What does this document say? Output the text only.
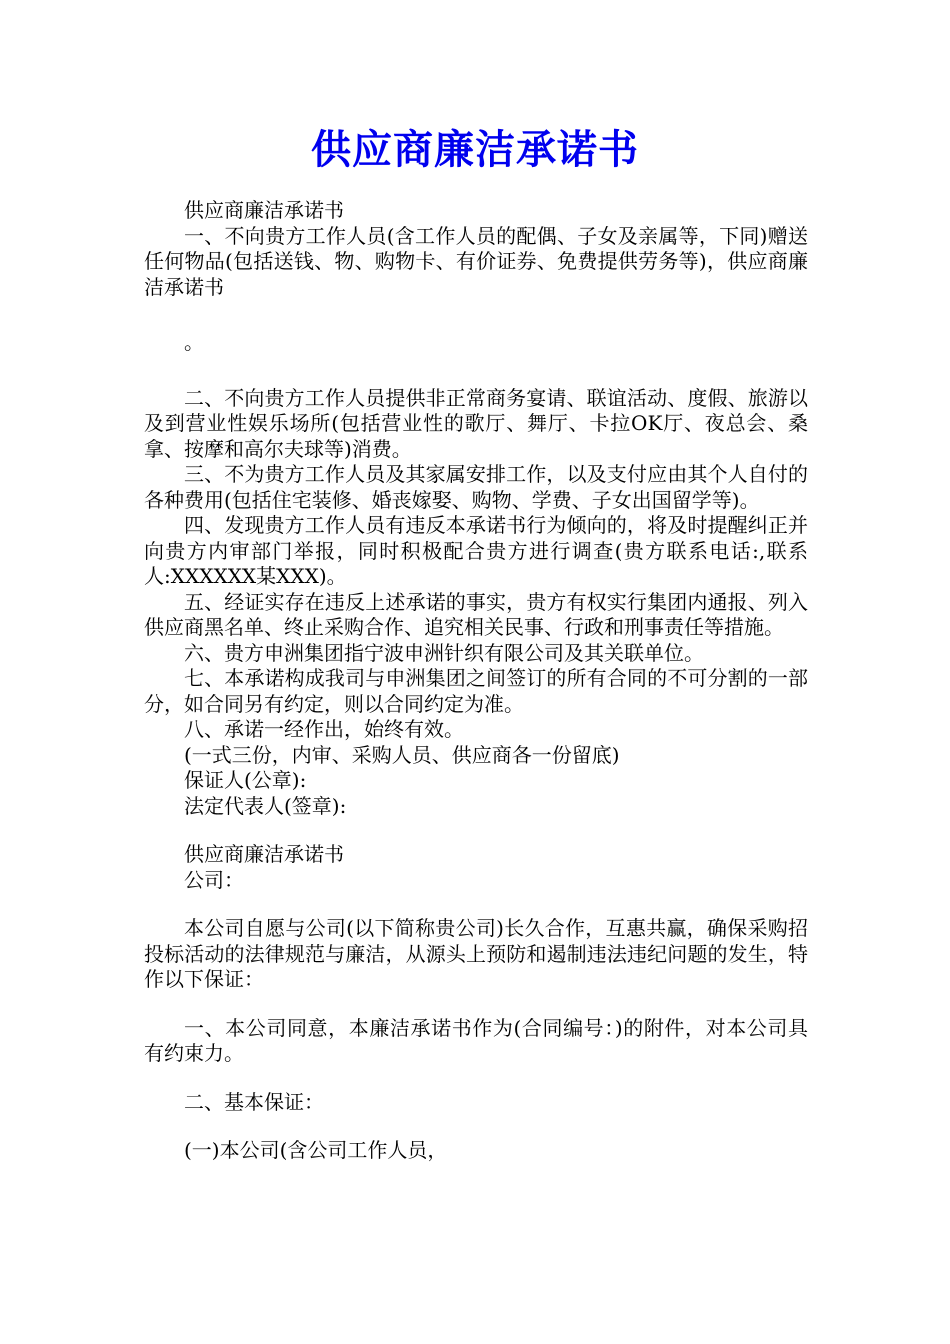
供应商廉洁承诺书

供应商廉洁承诺书

一、不向贵方工作人员(含工作人员的配偶、子女及亲属等，下同)赠送任何物品(包括送钱、物、购物卡、有价证券、免费提供劳务等)，供应商廉洁承诺书

。

二、不向贵方工作人员提供非正常商务宴请、联谊活动、度假、旅游以及到营业性娱乐场所(包括营业性的歌厅、舞厅、卡拉OK厅、夜总会、桑拿、按摩和高尔夫球等)消费。

三、不为贵方工作人员及其家属安排工作，以及支付应由其个人自付的各种费用(包括住宅装修、婚丧嫁娶、购物、学费、子女出国留学等)。

四、发现贵方工作人员有违反本承诺书行为倾向的，将及时提醒纠正并向贵方内审部门举报，同时积极配合贵方进行调查(贵方联系电话:,联系人:XXXXXX某XXX)。

五、经证实存在违反上述承诺的事实，贵方有权实行集团内通报、列入供应商黑名单、终止采购合作、追究相关民事、行政和刑事责任等措施。

六、贵方申洲集团指宁波申洲针织有限公司及其关联单位。

七、本承诺构成我司与申洲集团之间签订的所有合同的不可分割的一部分，如合同另有约定，则以合同约定为准。

八、承诺一经作出，始终有效。

(一式三份，内审、采购人员、供应商各一份留底)

保证人(公章):

法定代表人(签章):

供应商廉洁承诺书

公司：

本公司自愿与公司(以下简称贵公司)长久合作，互惠共赢，确保采购招投标活动的法律规范与廉洁，从源头上预防和遏制违法违纪问题的发生，特作以下保证：

一、本公司同意，本廉洁承诺书作为(合同编号：)的附件，对本公司具有约束力。

二、基本保证：

(一)本公司(含公司工作人员，
